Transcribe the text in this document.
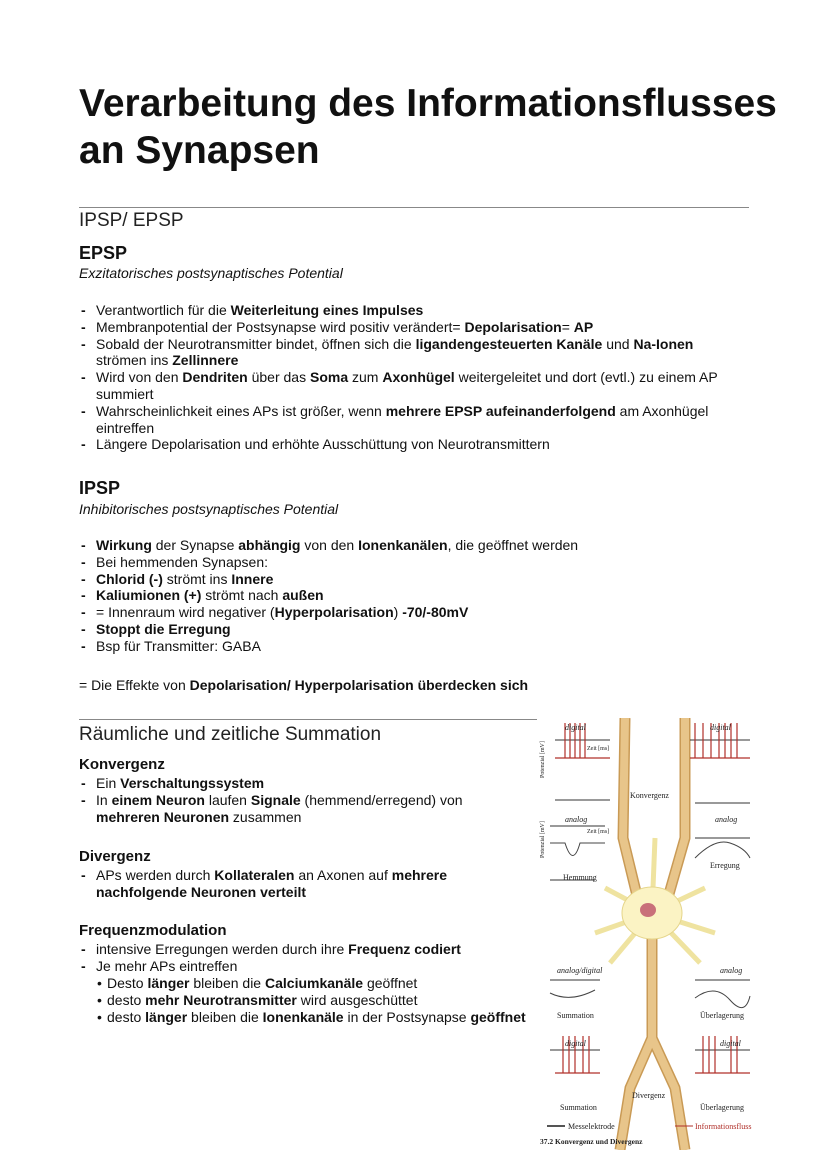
Verarbeitung des Informationsflusses an Synapsen
IPSP/ EPSP
EPSP
Exzitatorisches postsynaptisches Potential
- Verantwortlich für die Weiterleitung eines Impulses
- Membranpotential der Postsynapse wird positiv verändert= Depolarisation= AP
- Sobald der Neurotransmitter bindet, öffnen sich die ligandengesteuerten Kanäle und Na-Ionen strömen ins Zellinnere
- Wird von den Dendriten über das Soma zum Axonhügel weitergeleitet und dort (evtl.) zu einem AP summiert
- Wahrscheinlichkeit eines APs ist größer, wenn mehrere EPSP aufeinanderfolgend am Axonhügel eintreffen
- Längere Depolarisation und erhöhte Ausschüttung von Neurotransmittern
IPSP
Inhibitorisches postsynaptisches Potential
- Wirkung der Synapse abhängig von den Ionenkanälen, die geöffnet werden
- Bei hemmenden Synapsen:
- Chlorid (-) strömt ins Innere
- Kaliumionen (+) strömt nach außen
- = Innenraum wird negativer (Hyperpolarisation) -70/-80mV
- Stoppt die Erregung
- Bsp für Transmitter: GABA
= Die Effekte von Depolarisation/ Hyperpolarisation überdecken sich
Räumliche und zeitliche Summation
Konvergenz
- Ein Verschaltungssystem
- In einem Neuron laufen Signale (hemmend/erregend) von mehreren Neuronen zusammen
Divergenz
- APs werden durch Kollateralen an Axonen auf mehrere nachfolgende Neuronen verteilt
Frequenzmodulation
- intensive Erregungen werden durch ihre Frequenz codiert
- Je mehr APs eintreffen
• Desto länger bleiben die Calciumkanäle geöffnet
• desto mehr Neurotransmitter wird ausgeschüttet
• desto länger bleiben die Ionenkanäle in der Postsynapse geöffnet
digital	digital
Zeit [ms]
Konvergenz
analog	analog
Zeit [ms]
Hemmung
Erregung
Potenzial [mV]
Potenzial [mV]
analog/digital	analog
Summation	Überlagerung
digital	digital
Divergenz
Summation	Überlagerung
Messelektrode	Informationsfluss
37.2 Konvergenz und Divergenz
